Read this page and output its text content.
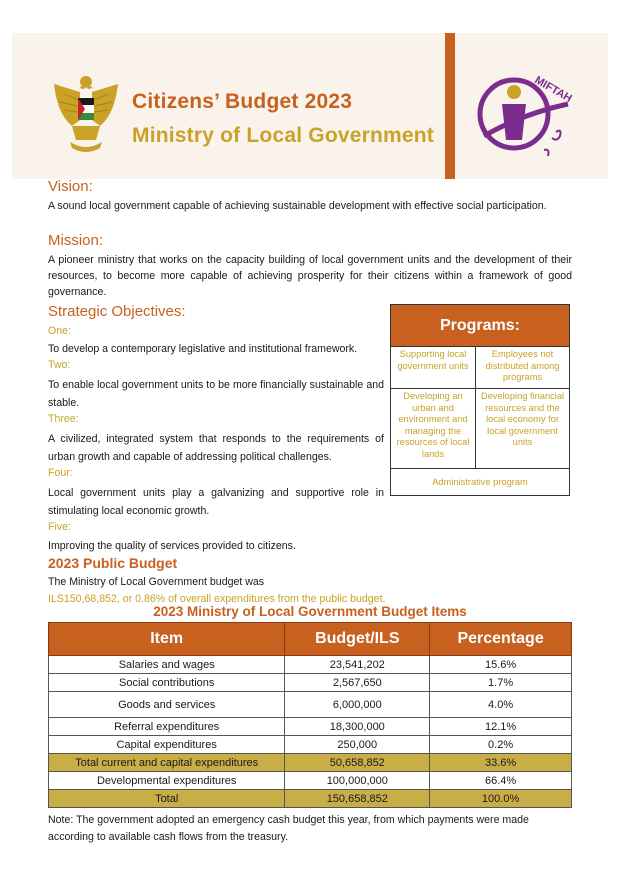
Citizens’ Budget 2023
Ministry of Local Government
MIFTAH
Vision:
A sound local government capable of achieving sustainable development with effective social participation.
Mission:
A pioneer ministry that works on the capacity building of local government units and the development of their resources, to become more capable of achieving prosperity for their citizens within a framework of good governance.
Strategic Objectives:
One:
To develop a contemporary legislative and institutional framework.
Two:
To enable local government units to be more financially sustainable and stable.
Three:
A civilized, integrated system that responds to the requirements of urban growth and capable of addressing political challenges.
Four:
Local government units play a galvanizing and supportive role in stimulating local economic growth.
Five:
Improving the quality of services provided to citizens.
Programs:
Supporting local government units
Employees not distributed among programs
Developing an urban and environment and managing the resources of local lands
Developing financial resources and the local economy for local government units
Administrative program
2023 Public Budget
The Ministry of Local Government budget was
ILS150,68,852, or 0.86% of overall expenditures from the public budget.
2023 Ministry of Local Government Budget Items
Item	Budget/ILS	Percentage
Salaries and wages	23,541,202	15.6%
Social contributions	2,567,650	1.7%
Goods and services	6,000,000	4.0%
Referral expenditures	18,300,000	12.1%
Capital expenditures	250,000	0.2%
Total current and capital expenditures	50,658,852	33.6%
Developmental expenditures	100,000,000	66.4%
Total	150,658,852	100.0%
Note: The government adopted an emergency cash budget this year, from which payments were made according to available cash flows from the treasury.
